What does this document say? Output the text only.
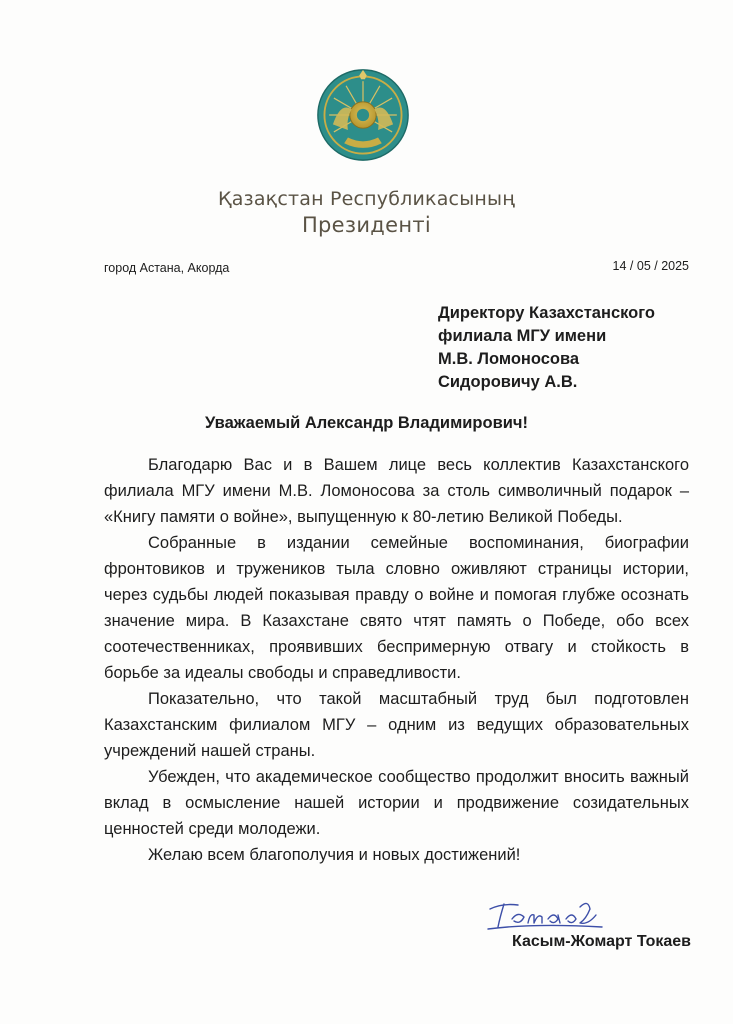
Қазақстан Республикасының
Президенті
город Астана, Акорда	14 / 05 / 2025
Директору Казахстанского
филиала МГУ имени
М.В. Ломоносова
Сидоровичу А.В.
Уважаемый Александр Владимирович!

Благодарю Вас и в Вашем лице весь коллектив Казахстанского филиала МГУ имени М.В. Ломоносова за столь символичный подарок – «Книгу памяти о войне», выпущенную к 80-летию Великой Победы.

Собранные в издании семейные воспоминания, биографии фронтовиков и тружеников тыла словно оживляют страницы истории, через судьбы людей показывая правду о войне и помогая глубже осознать значение мира. В Казахстане свято чтят память о Победе, обо всех соотечественниках, проявивших беспримерную отвагу и стойкость в борьбе за идеалы свободы и справедливости.

Показательно, что такой масштабный труд был подготовлен Казахстанским филиалом МГУ – одним из ведущих образовательных учреждений нашей страны.

Убежден, что академическое сообщество продолжит вносить важный вклад в осмысление нашей истории и продвижение созидательных ценностей среди молодежи.

Желаю всем благополучия и новых достижений!

Касым-Жомарт Токаев
